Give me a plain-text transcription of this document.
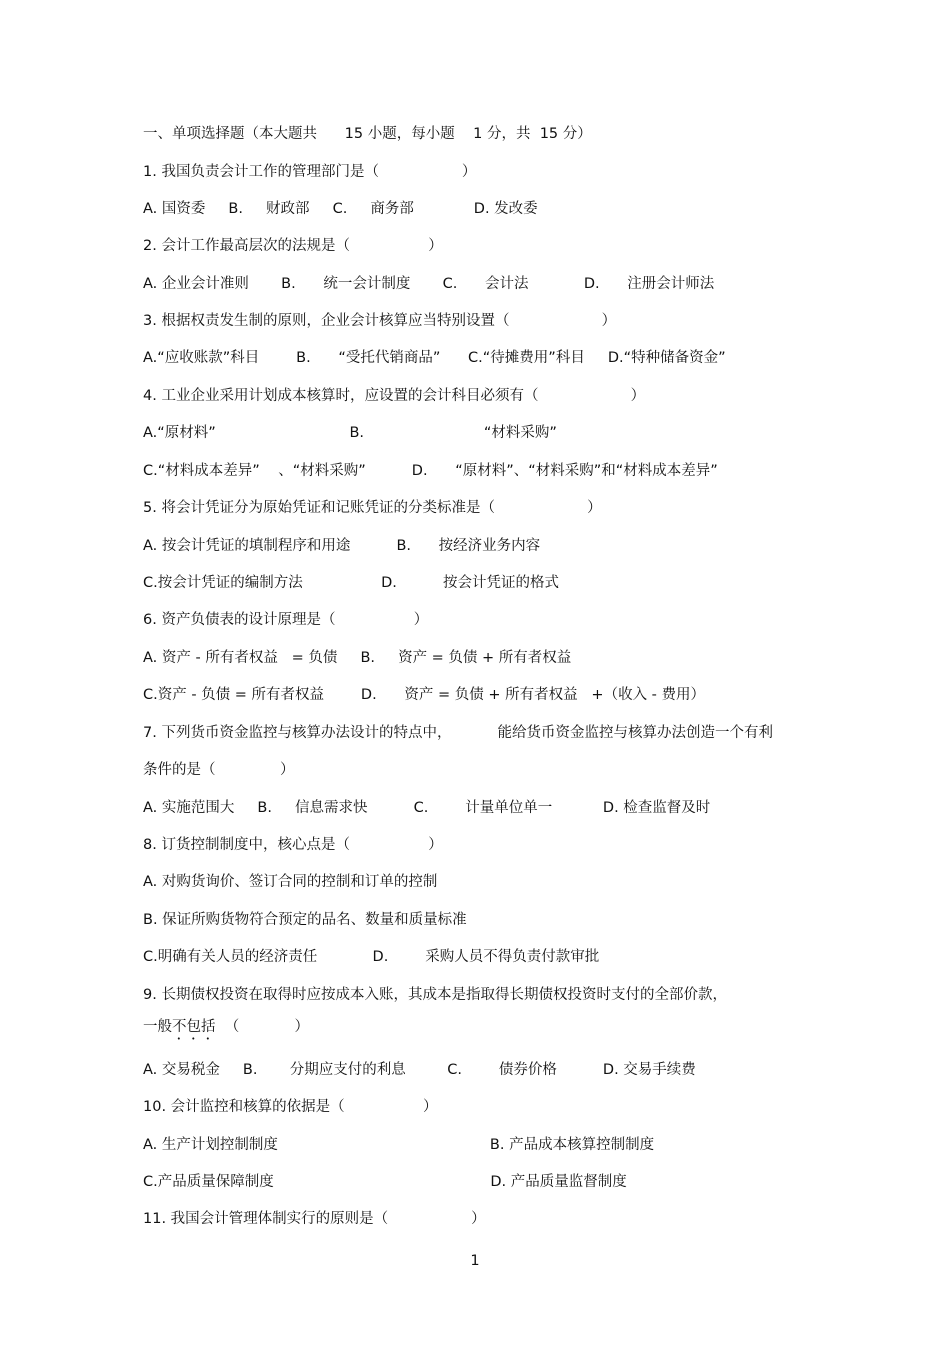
一、单项选择题（本大题共      15 小题，每小题    1 分，共  15 分）
1. 我国负责会计工作的管理部门是（                  ）
A. 国资委     B.     财政部     C.     商务部             D. 发改委
2. 会计工作最高层次的法规是（                 ）
A. 企业会计准则       B.      统一会计制度       C.      会计法            D.      注册会计师法
3. 根据权责发生制的原则，企业会计核算应当特别设置（                    ）
A.“应收账款”科目        B.      “受托代销商品”      C.“待摊费用”科目     D.“特种储备资金”
4. 工业企业采用计划成本核算时，应设置的会计科目必须有（                    ）
A.“原材料”                             B.                          “材料采购”
C.“材料成本差异”    、“材料采购”          D.      “原材料”、“材料采购”和“材料成本差异”
5. 将会计凭证分为原始凭证和记账凭证的分类标准是（                    ）
A. 按会计凭证的填制程序和用途          B.      按经济业务内容
C.按会计凭证的编制方法                 D.          按会计凭证的格式
6. 资产负债表的设计原理是（                 ）
A. 资产 - 所有者权益   = 负债     B.     资产 = 负债 + 所有者权益
C.资产 - 负债 = 所有者权益        D.      资产 = 负债 + 所有者权益   +（收入 - 费用）
7. 下列货币资金监控与核算办法设计的特点中，          能给货币资金监控与核算办法创造一个有利
条件的是（              ）
A. 实施范围大     B.     信息需求快          C.        计量单位单一           D. 检查监督及时
8. 订货控制制度中，核心点是（                 ）
A. 对购货询价、签订合同的控制和订单的控制
B. 保证所购货物符合预定的品名、数量和质量标准
C.明确有关人员的经济责任            D.        采购人员不得负责付款审批
9. 长期债权投资在取得时应按成本入账，其成本是指取得长期债权投资时支付的全部价款，
一般不包括  （            ）
A. 交易税金     B.       分期应支付的利息         C.        债券价格          D. 交易手续费
10. 会计监控和核算的依据是（                 ）
A. 生产计划控制制度                                              B. 产品成本核算控制制度
C.产品质量保障制度                                               D. 产品质量监督制度
11. 我国会计管理体制实行的原则是（                  ）
1
